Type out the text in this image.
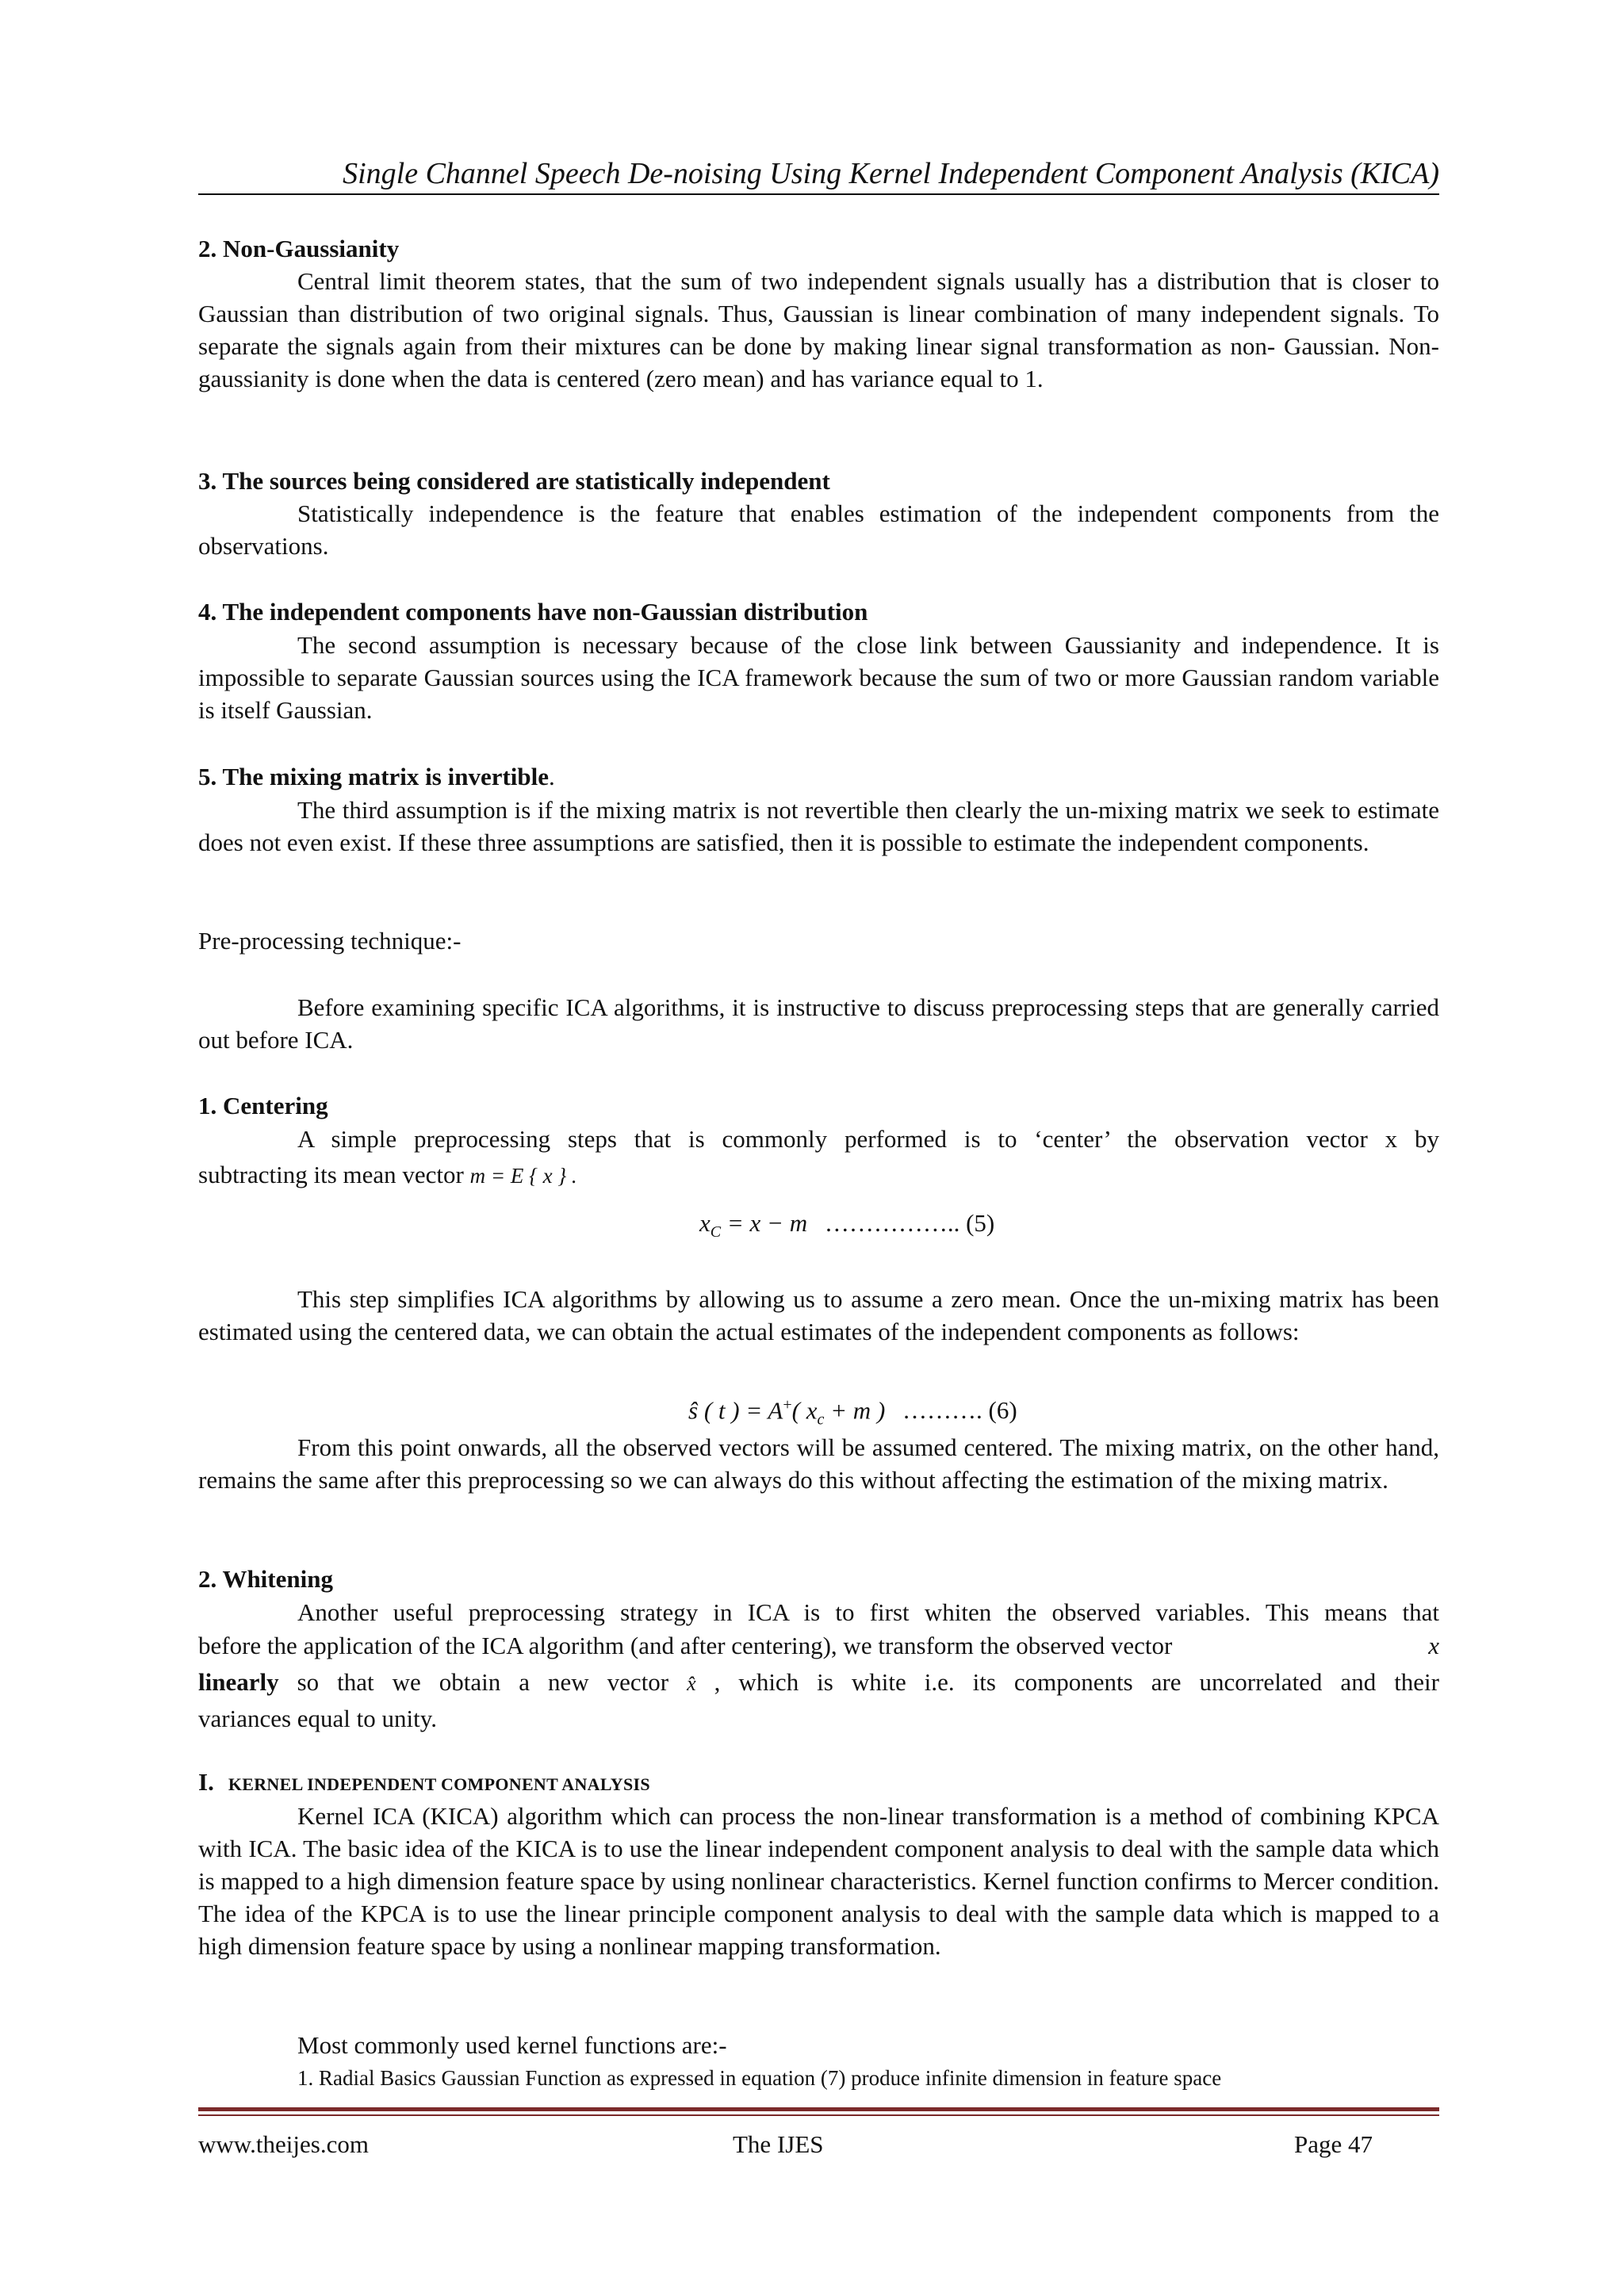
Single Channel Speech De-noising Using Kernel Independent Component Analysis (KICA)
2. Non-Gaussianity
Central limit theorem states, that the sum of two independent signals usually has a distribution that is closer to Gaussian than distribution of two original signals. Thus, Gaussian is linear combination of many independent signals. To separate the signals again from their mixtures can be done by making linear signal transformation as non- Gaussian. Non-gaussianity is done when the data is centered (zero mean) and has variance equal to 1.
3. The sources being considered are statistically independent
Statistically independence is the feature that enables estimation of the independent components from the observations.
4. The independent components have non-Gaussian distribution
The second assumption is necessary because of the close link between Gaussianity and independence. It is impossible to separate Gaussian sources using the ICA framework because the sum of two or more Gaussian random variable is itself Gaussian.
5. The mixing matrix is invertible.
The third assumption is if the mixing matrix is not revertible then clearly the un-mixing matrix we seek to estimate does not even exist. If these three assumptions are satisfied, then it is possible to estimate the independent components.
Pre-processing technique:-
Before examining specific ICA algorithms, it is instructive to discuss preprocessing steps that are generally carried out before ICA.
1. Centering
A simple preprocessing steps that is commonly performed is to ‘center’ the observation vector x by
subtracting its mean vector m = E { x } .
$x_C = x - m$ …………….. (5)
This step simplifies ICA algorithms by allowing us to assume a zero mean. Once the un-mixing matrix has been estimated using the centered data, we can obtain the actual estimates of the independent components as follows:
ŝ ( t ) = A+( $x_c + m$ ) ………. (6)
From this point onwards, all the observed vectors will be assumed centered. The mixing matrix, on the other hand, remains the same after this preprocessing so we can always do this without affecting the estimation of the mixing matrix.
2. Whitening
Another useful preprocessing strategy in ICA is to first whiten the observed variables. This means that
before the application of the ICA algorithm (and after centering), we transform the observed vector	x
linearly so that we obtain a new vector x̂ , which is white i.e. its components are uncorrelated and their
variances equal to unity.
I. KERNEL INDEPENDENT COMPONENT ANALYSIS
Kernel ICA (KICA) algorithm which can process the non-linear transformation is a method of combining KPCA with ICA. The basic idea of the KICA is to use the linear independent component analysis to deal with the sample data which is mapped to a high dimension feature space by using nonlinear characteristics. Kernel function confirms to Mercer condition. The idea of the KPCA is to use the linear principle component analysis to deal with the sample data which is mapped to a high dimension feature space by using a nonlinear mapping transformation.
Most commonly used kernel functions are:-
1. Radial Basics Gaussian Function as expressed in equation (7) produce infinite dimension in feature space
www.theijes.com	The IJES	Page 47
